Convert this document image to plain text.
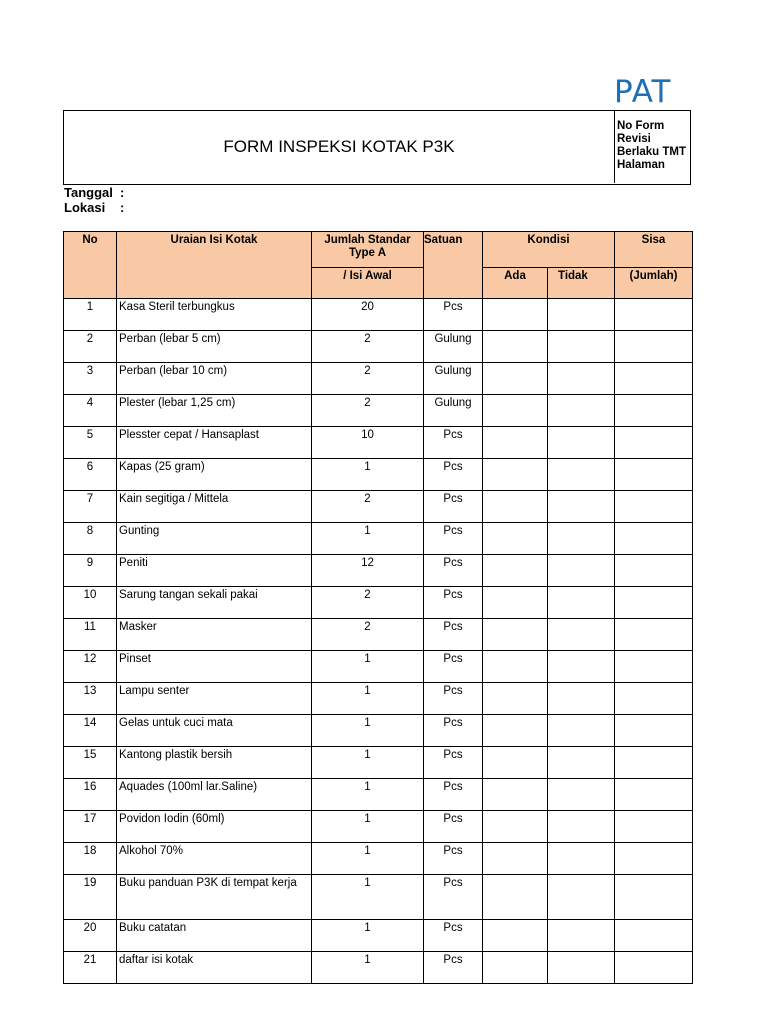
PAT
FORM INSPEKSI KOTAK P3K
No Form
Revisi
Berlaku TMT
Halaman
Tanggal :
Lokasi	:
No	Uraian Isi Kotak	Jumlah Standar Type A	Satuan	Kondisi		Sisa
		/ Isi Awal		Ada	Tidak	(Jumlah)
1	Kasa Steril terbungkus	20	Pcs			
2	Perban (lebar 5 cm)	2	Gulung			
3	Perban (lebar 10 cm)	2	Gulung			
4	Plester (lebar 1,25 cm)	2	Gulung			
5	Plesster cepat / Hansaplast	10	Pcs			
6	Kapas (25 gram)	1	Pcs			
7	Kain segitiga / Mittela	2	Pcs			
8	Gunting	1	Pcs			
9	Peniti	12	Pcs			
10	Sarung tangan sekali pakai	2	Pcs			
11	Masker	2	Pcs			
12	Pinset	1	Pcs			
13	Lampu senter	1	Pcs			
14	Gelas untuk cuci mata	1	Pcs			
15	Kantong plastik bersih	1	Pcs			
16	Aquades (100ml lar.Saline)	1	Pcs			
17	Povidon Iodin (60ml)	1	Pcs			
18	Alkohol 70%	1	Pcs			
19	Buku panduan P3K di tempat kerja	1	Pcs			
20	Buku catatan	1	Pcs			
21	daftar isi kotak	1	Pcs			
